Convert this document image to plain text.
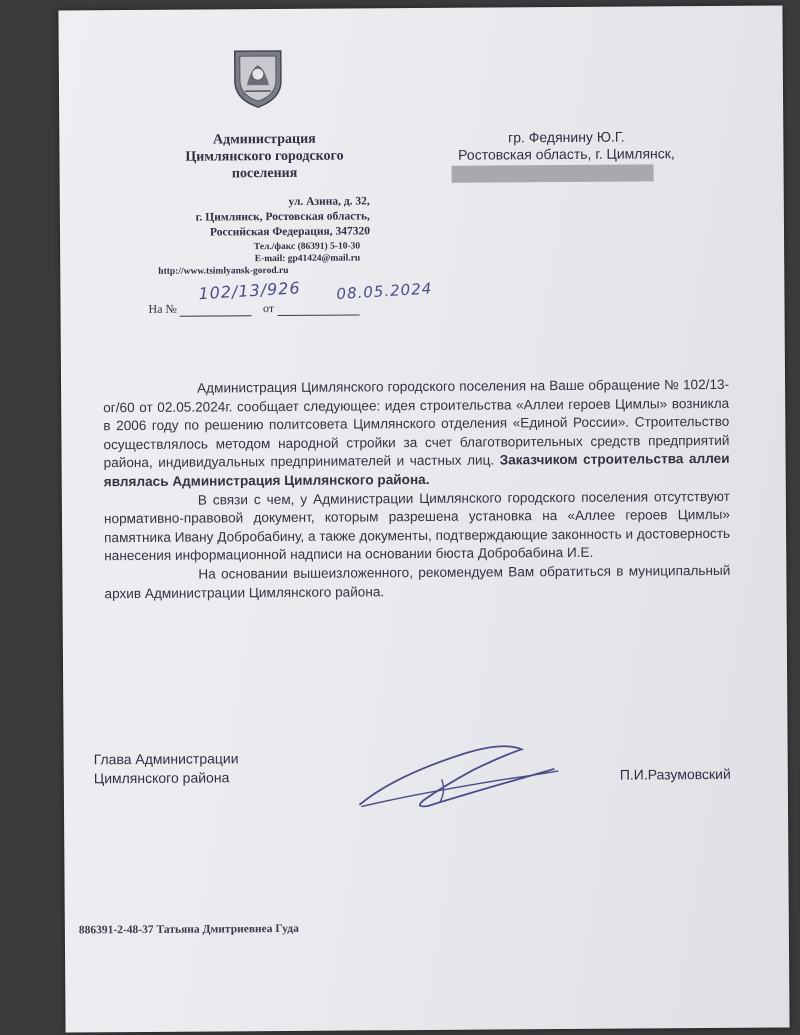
Администрация
Цимлянского городского
поселения
ул. Азина, д. 32,
г. Цимлянск, Ростовская область,
Российская Федерация, 347320
Тел./факс (86391) 5-10-30
E-mail: gp41424@mail.ru
http://www.tsimlyansk-gorod.ru
102/13/926 08.05.2024
На №	от
гр. Федянину Ю.Г.
Ростовская область, г. Цимлянск,

Администрация Цимлянского городского поселения на Ваше обращение № 102/13-ог/60 от 02.05.2024г. сообщает следующее: идея строительства «Аллеи героев Цимлы» возникла в 2006 году по решению политсовета Цимлянского отделения «Единой России». Строительство осуществлялось методом народной стройки за счет благотворительных средств предприятий района, индивидуальных предпринимателей и частных лиц. Заказчиком строительства аллеи являлась Администрация Цимлянского района.

В связи с чем, у Администрации Цимлянского городского поселения отсутствуют нормативно-правовой документ, которым разрешена установка на «Аллее героев Цимлы» памятника Ивану Добробабину, а также документы, подтверждающие законность и достоверность нанесения информационной надписи на основании бюста Добробабина И.Е.

На основании вышеизложенного, рекомендуем Вам обратиться в муниципальный архив Администрации Цимлянского района.

Глава Администрации
Цимлянского района	П.И.Разумовский
886391-2-48-37 Татьяна Дмитриевнеа Гуда
